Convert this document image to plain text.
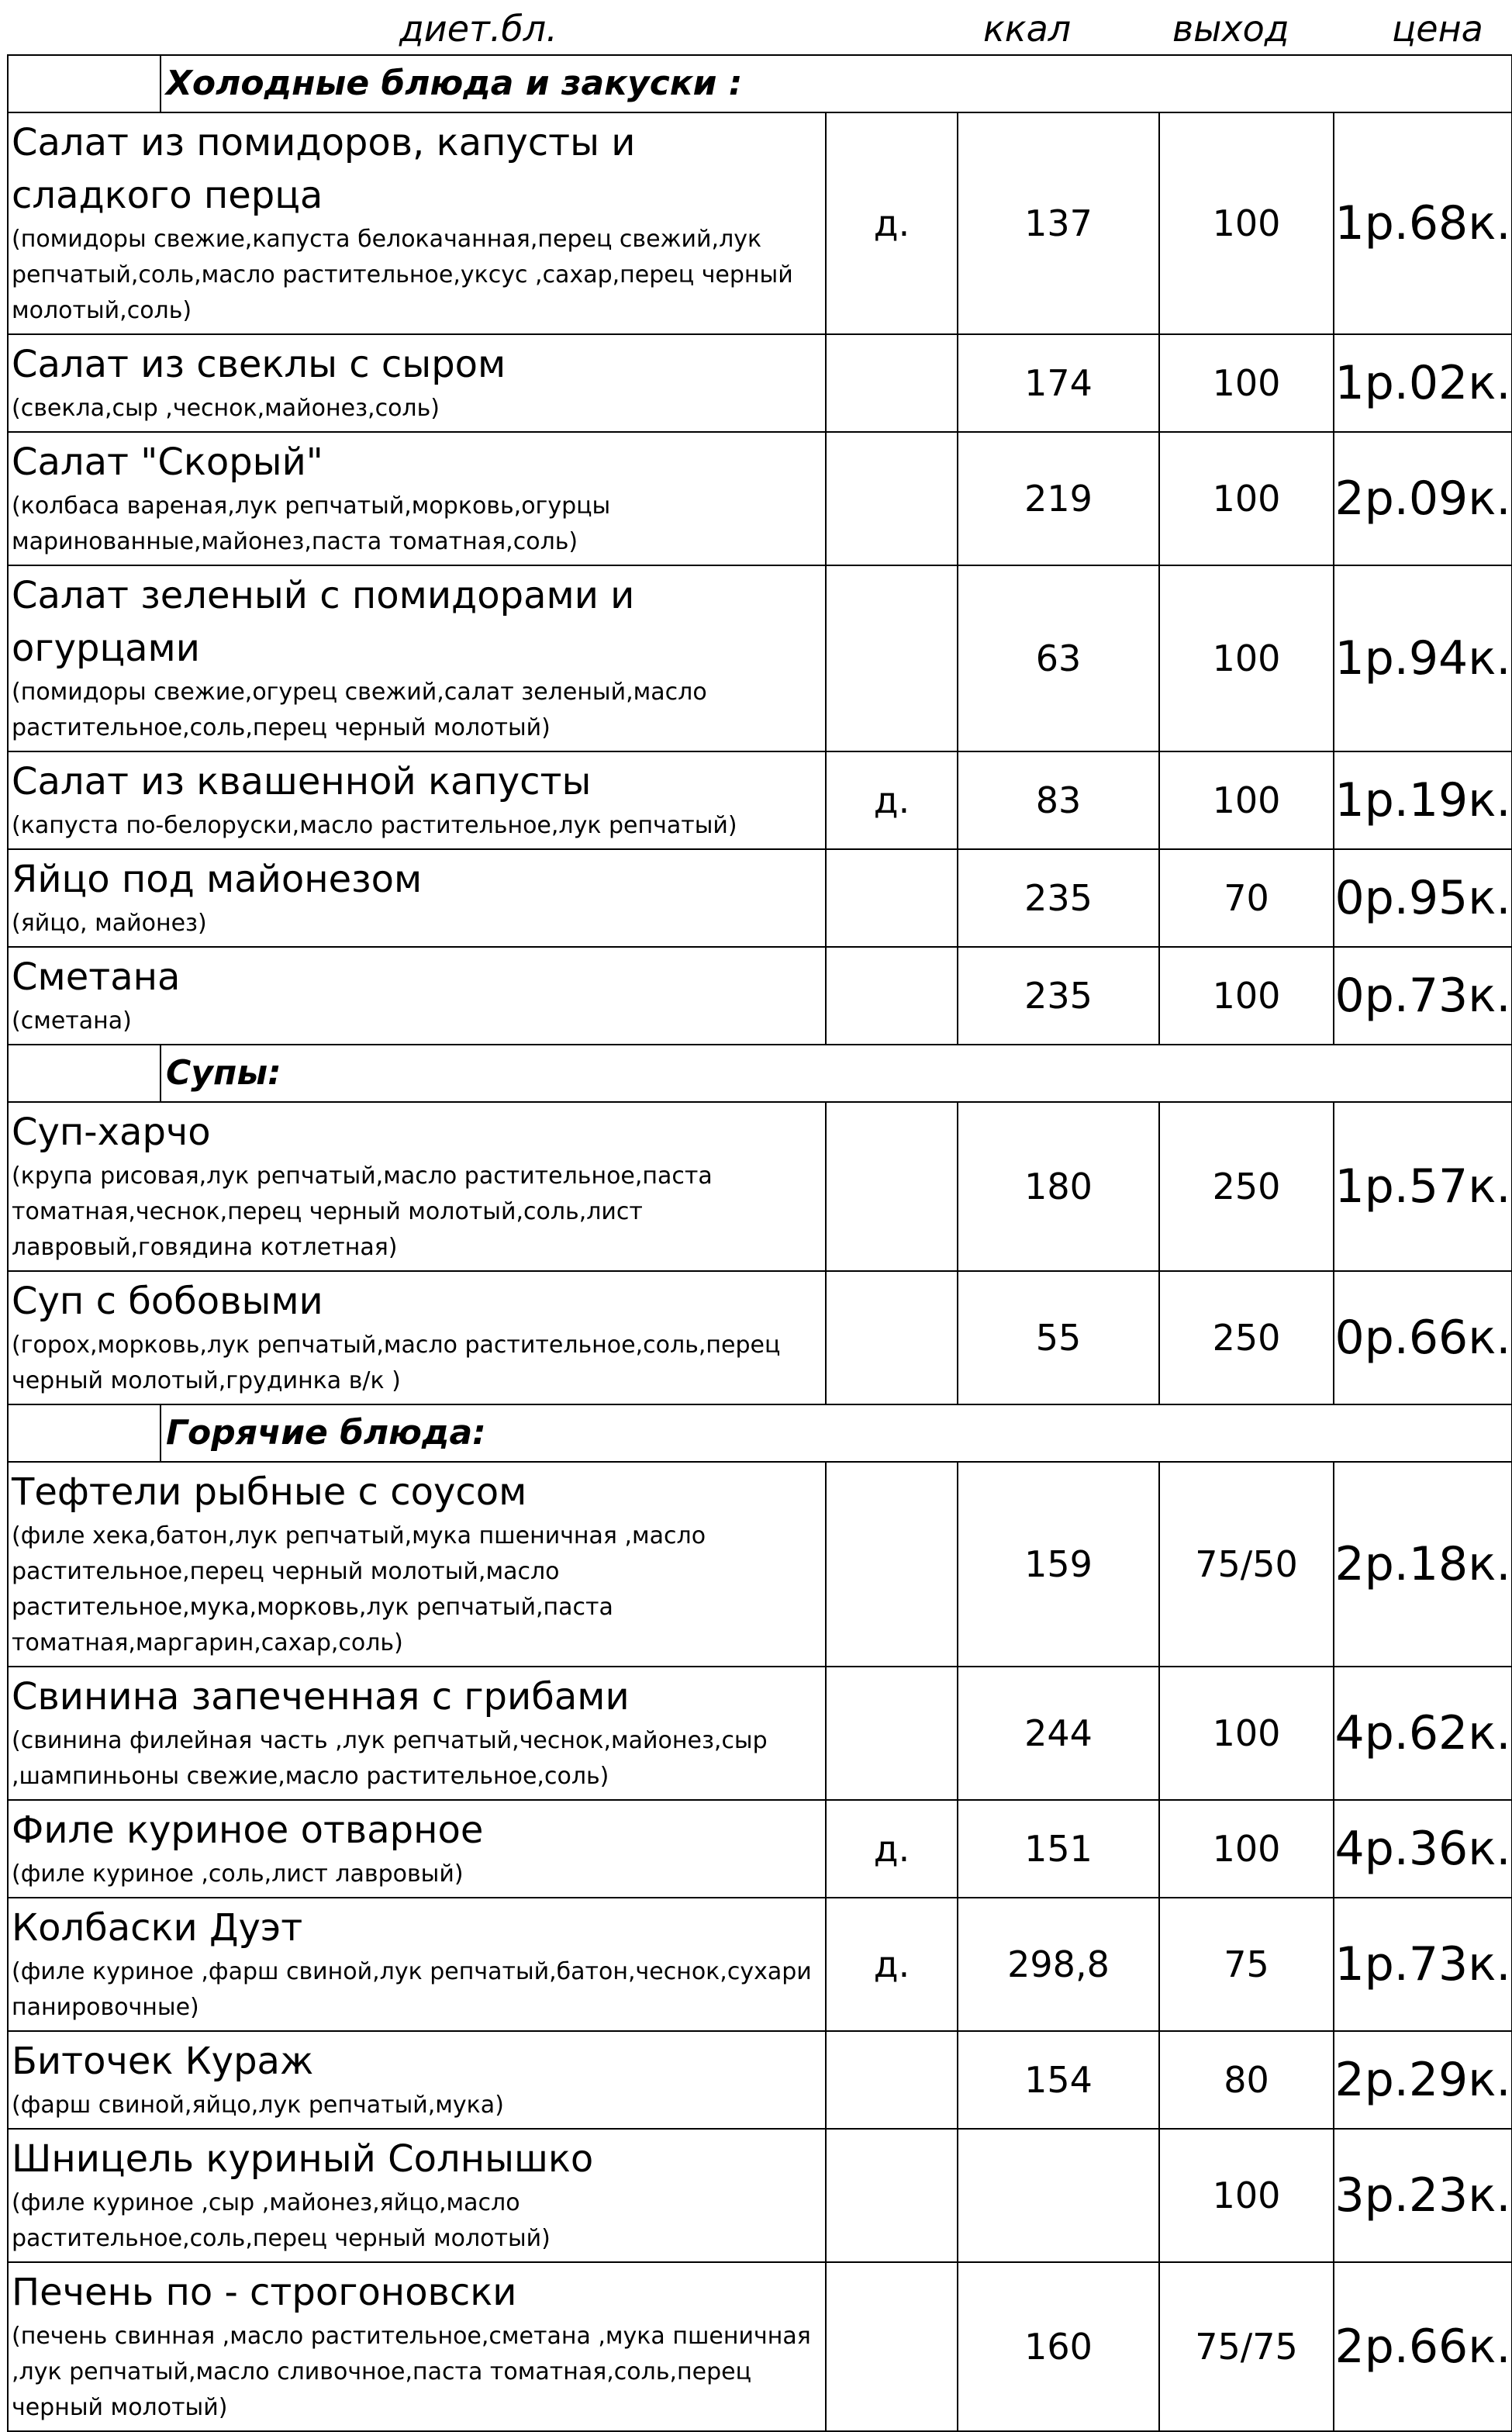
диет.бл.	ккал	выход	цена
Холодные блюда и закуски :				

Салат из помидоров, капусты и сладкого перца
(помидоры свежие,капуста белокачанная,перец свежий,лук репчатый,соль,масло растительное,уксус ,сахар,перец черный молотый,соль)	д.	137	100	1р.68к.

Салат из свеклы с сыром
(свекла,сыр ,чеснок,майонез,соль)		174	100	1р.02к.

Салат "Скорый"
(колбаса вареная,лук репчатый,морковь,огурцы маринованные,майонез,паста томатная,соль)		219	100	2р.09к.

Салат зеленый с помидорами и огурцами
(помидоры свежие,огурец свежий,салат зеленый,масло растительное,соль,перец черный молотый)		63	100	1р.94к.

Салат из квашенной капусты
(капуста по-белоруски,масло растительное,лук репчатый)	д.	83	100	1р.19к.

Яйцо под майонезом
(яйцо, майонез)		235	70	0р.95к.

Сметана
(сметана)		235	100	0р.73к.

Супы:				

Суп-харчо
(крупа рисовая,лук репчатый,масло растительное,паста томатная,чеснок,перец черный молотый,соль,лист лавровый,говядина котлетная)		180	250	1р.57к.

Суп с бобовыми
(горох,морковь,лук репчатый,масло растительное,соль,перец черный молотый,грудинка в/к )		55	250	0р.66к.

Горячие блюда:				

Тефтели рыбные с соусом
(филе хека,батон,лук репчатый,мука пшеничная ,масло растительное,перец черный молотый,масло растительное,мука,морковь,лук репчатый,паста томатная,маргарин,сахар,соль)		159	75/50	2р.18к.

Свинина запеченная с грибами
(свинина филейная часть ,лук репчатый,чеснок,майонез,сыр ,шампиньоны свежие,масло растительное,соль)		244	100	4р.62к.

Филе куриное отварное
(филе куриное ,соль,лист лавровый)	д.	151	100	4р.36к.

Колбаски Дуэт
(филе куриное ,фарш свиной,лук репчатый,батон,чеснок,сухари панировочные)	д.	298,8	75	1р.73к.

Биточек Кураж
(фарш свиной,яйцо,лук репчатый,мука)		154	80	2р.29к.

Шницель куриный Солнышко
(филе куриное ,сыр ,майонез,яйцо,масло растительное,соль,перец черный молотый)			100	3р.23к.

Печень по - строгоновски
(печень свинная ,масло растительное,сметана ,мука пшеничная ,лук репчатый,масло сливочное,паста томатная,соль,перец черный молотый)		160	75/75	2р.66к.
